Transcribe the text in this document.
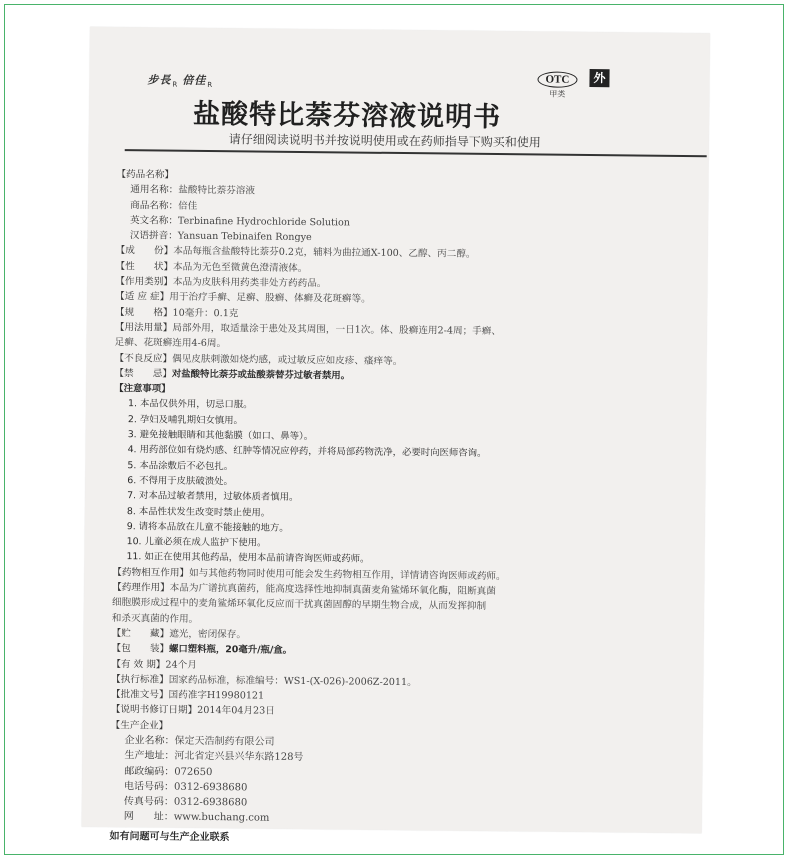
步長$_R$ 倍佳$_R$	OTC
甲类
外
盐酸特比萘芬溶液说明书
请仔细阅读说明书并按说明使用或在药师指导下购买和使用
【药品名称】
通用名称： 盐酸特比萘芬溶液
商品名称： 倍佳
英文名称： Terbinafine Hydrochloride Solution
汉语拼音： Yansuan Tebinaifen Rongye
【成　　份】 本品每瓶含盐酸特比萘芬0.2克，辅料为曲拉通X-100、乙醇、丙二醇。
【性　　状】 本品为无色至微黄色澄清液体。
【作用类别】 本品为皮肤科用药类非处方药药品。
【适 应 症】 用于治疗手癣、足癣、股癣、体癣及花斑癣等。
【规　　格】 10毫升：0.1克
【用法用量】 局部外用，取适量涂于患处及其周围，一日1次。体、股癣连用2-4周；手癣、
足癣、花斑癣连用4-6周。
【不良反应】 偶见皮肤刺激如烧灼感，或过敏反应如皮疹、瘙痒等。
【禁　　忌】 对盐酸特比萘芬或盐酸萘替芬过敏者禁用。
【注意事项】
1. 本品仅供外用，切忌口服。
2. 孕妇及哺乳期妇女慎用。
3. 避免接触眼睛和其他黏膜（如口、鼻等）。
4. 用药部位如有烧灼感、红肿等情况应停药，并将局部药物洗净，必要时向医师咨询。
5. 本品涂敷后不必包扎。
6. 不得用于皮肤破溃处。
7. 对本品过敏者禁用，过敏体质者慎用。
8. 本品性状发生改变时禁止使用。
9. 请将本品放在儿童不能接触的地方。
10. 儿童必须在成人监护下使用。
11. 如正在使用其他药品，使用本品前请咨询医师或药师。
【药物相互作用】 如与其他药物同时使用可能会发生药物相互作用，详情请咨询医师或药师。
【药理作用】 本品为广谱抗真菌药，能高度选择性地抑制真菌麦角鲨烯环氧化酶，阻断真菌
细胞膜形成过程中的麦角鲨烯环氧化反应而干扰真菌固醇的早期生物合成，从而发挥抑制
和杀灭真菌的作用。
【贮　　藏】 遮光，密闭保存。
【包　　装】 螺口塑料瓶，20毫升/瓶/盒。
【有 效 期】 24个月
【执行标准】 国家药品标准，标准编号：WS1-(X-026)-2006Z-2011。
【批准文号】 国药准字H19980121
【说明书修订日期】 2014年04月23日
【生产企业】
企业名称： 保定天浩制药有限公司
生产地址： 河北省定兴县兴华东路128号
邮政编码： 072650
电话号码： 0312-6938680
传真号码： 0312-6938680
网　　址： www.buchang.com
如有问题可与生产企业联系
